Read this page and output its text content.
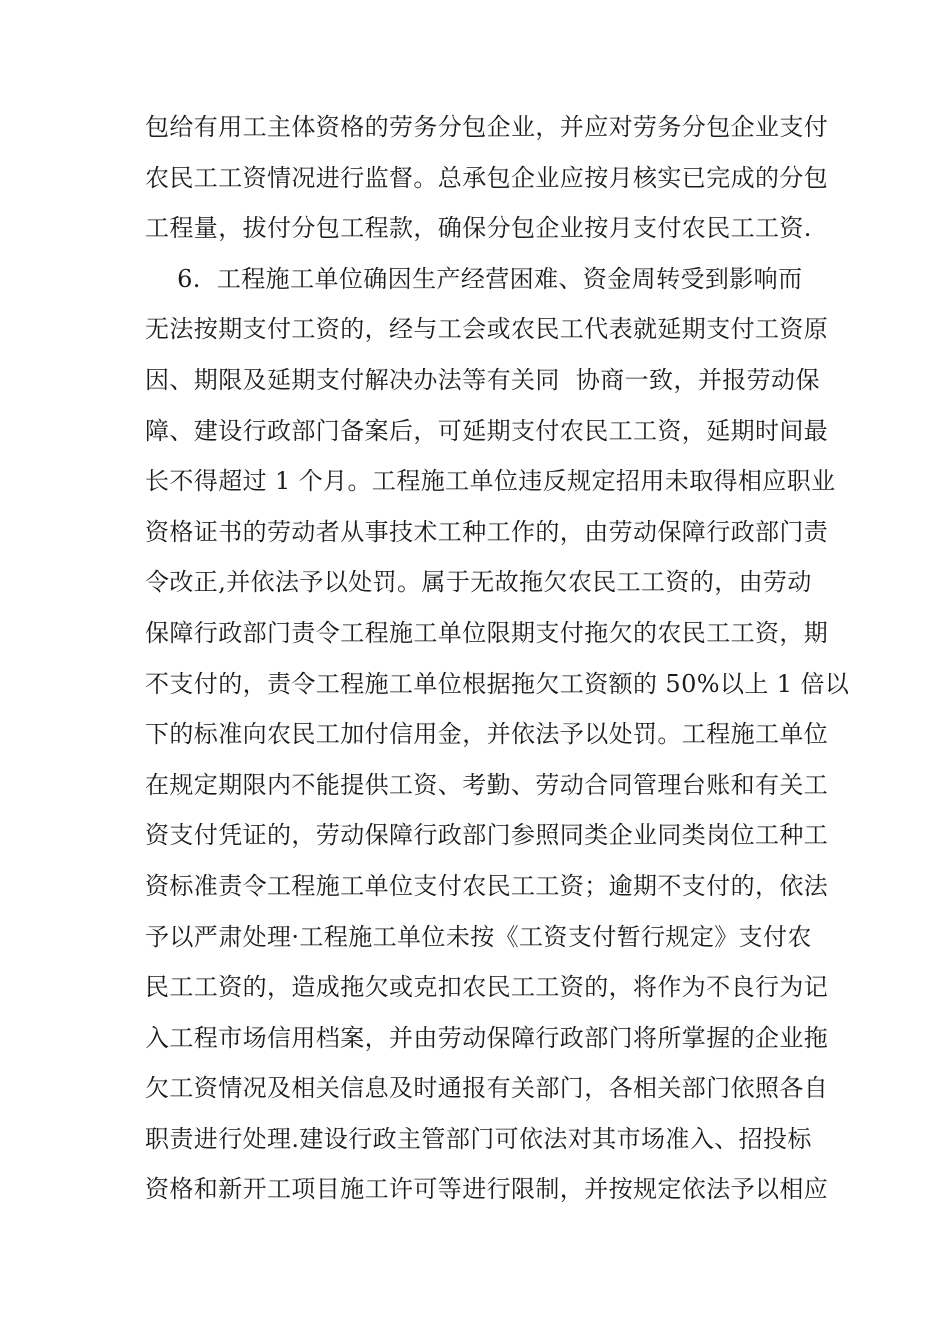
包给有用工主体资格的劳务分包企业，并应对劳务分包企业支付
农民工工资情况进行监督。总承包企业应按月核实已完成的分包
工程量，拔付分包工程款，确保分包企业按月支付农民工工资.
6.  工程施工单位确因生产经营困难、资金周转受到影响而
无法按期支付工资的，经与工会或农民工代表就延期支付工资原
因、期限及延期支付解决办法等有关同  协商一致，并报劳动保
障、建设行政部门备案后，可延期支付农民工工资，延期时间最
长不得超过 1 个月。工程施工单位违反规定招用未取得相应职业
资格证书的劳动者从事技术工种工作的，由劳动保障行政部门责
令改正,并依法予以处罚。属于无故拖欠农民工工资的，由劳动
保障行政部门责令工程施工单位限期支付拖欠的农民工工资，期
不支付的，责令工程施工单位根据拖欠工资额的 50%以上 1 倍以
下的标准向农民工加付信用金，并依法予以处罚。工程施工单位
在规定期限内不能提供工资、考勤、劳动合同管理台账和有关工
资支付凭证的，劳动保障行政部门参照同类企业同类岗位工种工
资标准责令工程施工单位支付农民工工资；逾期不支付的，依法
予以严肃处理·工程施工单位未按《工资支付暂行规定》支付农
民工工资的，造成拖欠或克扣农民工工资的，将作为不良行为记
入工程市场信用档案，并由劳动保障行政部门将所掌握的企业拖
欠工资情况及相关信息及时通报有关部门，各相关部门依照各自
职责进行处理.建设行政主管部门可依法对其市场准入、招投标
资格和新开工项目施工许可等进行限制，并按规定依法予以相应
